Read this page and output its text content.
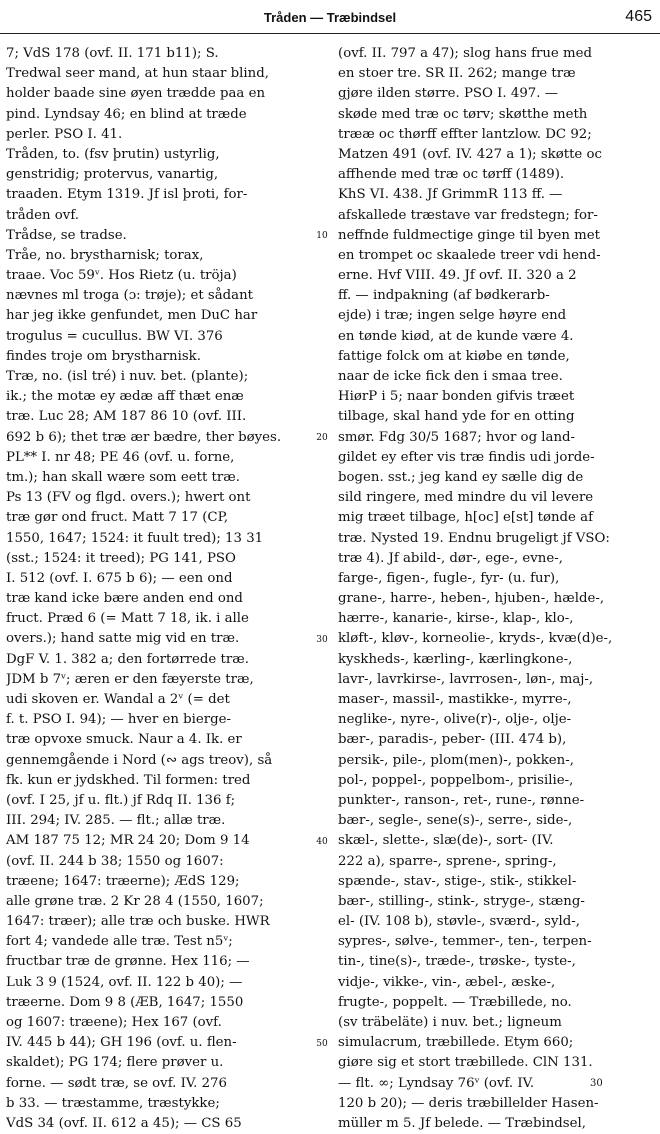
Tråden — Træbindsel	465
7; VdS 178 (ovf. II. 171 b11); S.
Tredwal seer mand, at hun staar blind,
holder baade sine øyen trædde paa en
pind. Lyndsay 46; en blind at træde
perler. PSO I. 41.
Tråden, to. (fsv þrutin) ustyrlig,
genstridig; protervus, vanartig,
traaden. Etym 1319. Jf isl þroti, for-
tråden ovf.
Trådse, se tradse.
Tråe, no. brystharnisk; torax,
traae. Voc 59ᵛ. Hos Rietz (u. tröja)
nævnes ml troga (ɔ: trøje); et sådant
har jeg ikke genfundet, men DuC har
trogulus = cucullus. BW VI. 376
findes troje om brystharnisk.
Træ, no. (isl tré) i nuv. bet. (plante);
ik.; the motæ ey ædæ aff thæt enæ
træ. Luc 28; AM 187 86 10 (ovf. III.
692 b 6); thet træ ær bædre, ther bøyes.
PL** I. nr 48; PE 46 (ovf. u. forne,
tm.); han skall wære som eett træ.
Ps 13 (FV og flgd. overs.); hwert ont
træ gør ond fruct. Matt 7 17 (CP,
1550, 1647; 1524: it fuult tred); 13 31
(sst.; 1524: it treed); PG 141, PSO
I. 512 (ovf. I. 675 b 6); — een ond
træ kand icke bære anden end ond
fruct. Præd 6 (= Matt 7 18, ik. i alle
overs.); hand satte mig vid en træ.
DgF V. 1. 382 a; den fortørrede træ.
JDM b 7ᵛ; æren er den fæyerste træ,
udi skoven er. Wandal a 2ᵛ (= det
f. t. PSO I. 94); — hver en bierge-
træ opvoxe smuck. Naur a 4. Ik. er
gennemgående i Nord (∾ ags treov), så
fk. kun er jydskhed. Til formen: tred
(ovf. I 25, jf u. flt.) jf Rdq II. 136 f;
III. 294; IV. 285. — flt.; allæ træ.
AM 187 75 12; MR 24 20; Dom 9 14
(ovf. II. 244 b 38; 1550 og 1607:
træene; 1647: træerne); ÆdS 129;
alle grøne træ. 2 Kr 28 4 (1550, 1607;
1647: træer); alle træ och buske. HWR
fort 4; vandede alle træ. Test n5ᵛ;
fructbar træ de grønne. Hex 116; —
Luk 3 9 (1524, ovf. II. 122 b 40); —
træerne. Dom 9 8 (ÆB, 1647; 1550
og 1607: træene); Hex 167 (ovf.
IV. 445 b 44); GH 196 (ovf. u. flen-
skaldet); PG 174; flere prøver u.
forne. — sødt træ, se ovf. IV. 276
b 33. — træstamme, træstykke;
VdS 34 (ovf. II. 612 a 45); — CS 65
10
20
30
40
50
(ovf. II. 797 a 47); slog hans frue med
en stoer tre. SR II. 262; mange træ
gjøre ilden større. PSO I. 497. —
skøde med træ oc tørv; skøtthe meth
trææ oc thørff effter lantzlow. DC 92;
Matzen 491 (ovf. IV. 427 a 1); skøtte oc
affhende med træ oc tørff (1489).
KhS VI. 438. Jf GrimmR 113 ff. —
afskallede træstave var fredstegn; for-
neffnde fuldmectige ginge til byen met
en trompet oc skaalede treer vdi hend-
erne. Hvf VIII. 49. Jf ovf. II. 320 a 2
ff. — indpakning (af bødkerarb-
ejde) i træ; ingen selge høyre end
en tønde kiød, at de kunde være 4.
fattige folck om at kiøbe en tønde,
naar de icke fick den i smaa tree.
HiørP i 5; naar bonden gifvis træet
tilbage, skal hand yde for en otting
smør. Fdg 30/5 1687; hvor og land-
gildet ey efter vis træ findis udi jorde-
bogen. sst.; jeg kand ey sælle dig de
sild ringere, med mindre du vil levere
mig træet tilbage, h[oc] e[st] tønde af
træ. Nysted 19. Endnu brugeligt jf VSO:
træ 4). Jf abild-, dør-, ege-, evne-,
farge-, figen-, fugle-, fyr- (u. fur),
grane-, harre-, heben-, hjuben-, hælde-,
hærre-, kanarie-, kirse-, klap-, klo-,
kløft-, kløv-, korneolie-, kryds-, kvæ(d)e-,
kyskheds-, kærling-, kærlingkone-,
lavr-, lavrkirse-, lavrrosen-, løn-, maj-,
maser-, massil-, mastikke-, myrre-,
neglike-, nyre-, olive(r)-, olje-, olje-
bær-, paradis-, peber- (III. 474 b),
persik-, pile-, plom(men)-, pokken-,
pol-, poppel-, poppelbom-, prisilie-,
punkter-, ranson-, ret-, rune-, rønne-
bær-, segle-, sene(s)-, serre-, side-,
skæl-, slette-, slæ(de)-, sort- (IV.
222 a), sparre-, sprene-, spring-,
spænde-, stav-, stige-, stik-, stikkel-
bær-, stilling-, stink-, stryge-, stæng-
el- (IV. 108 b), støvle-, sværd-, syld-,
sypres-, sølve-, temmer-, ten-, terpen-
tin-, tine(s)-, træde-, trøske-, tyste-,
vidje-, vikke-, vin-, æbel-, æske-,
frugte-, poppelt. — Træbillede, no.
(sv träbeläte) i nuv. bet.; ligneum
simulacrum, træbillede. Etym 660;
giøre sig et stort træbillede. ClN 131.
— flt. ∞; Lyndsay 76ᵛ (ovf. IV.
120 b 20); — deris træbillelder Hasen-
müller m 5. Jf belede. — Træbindsel,
30
